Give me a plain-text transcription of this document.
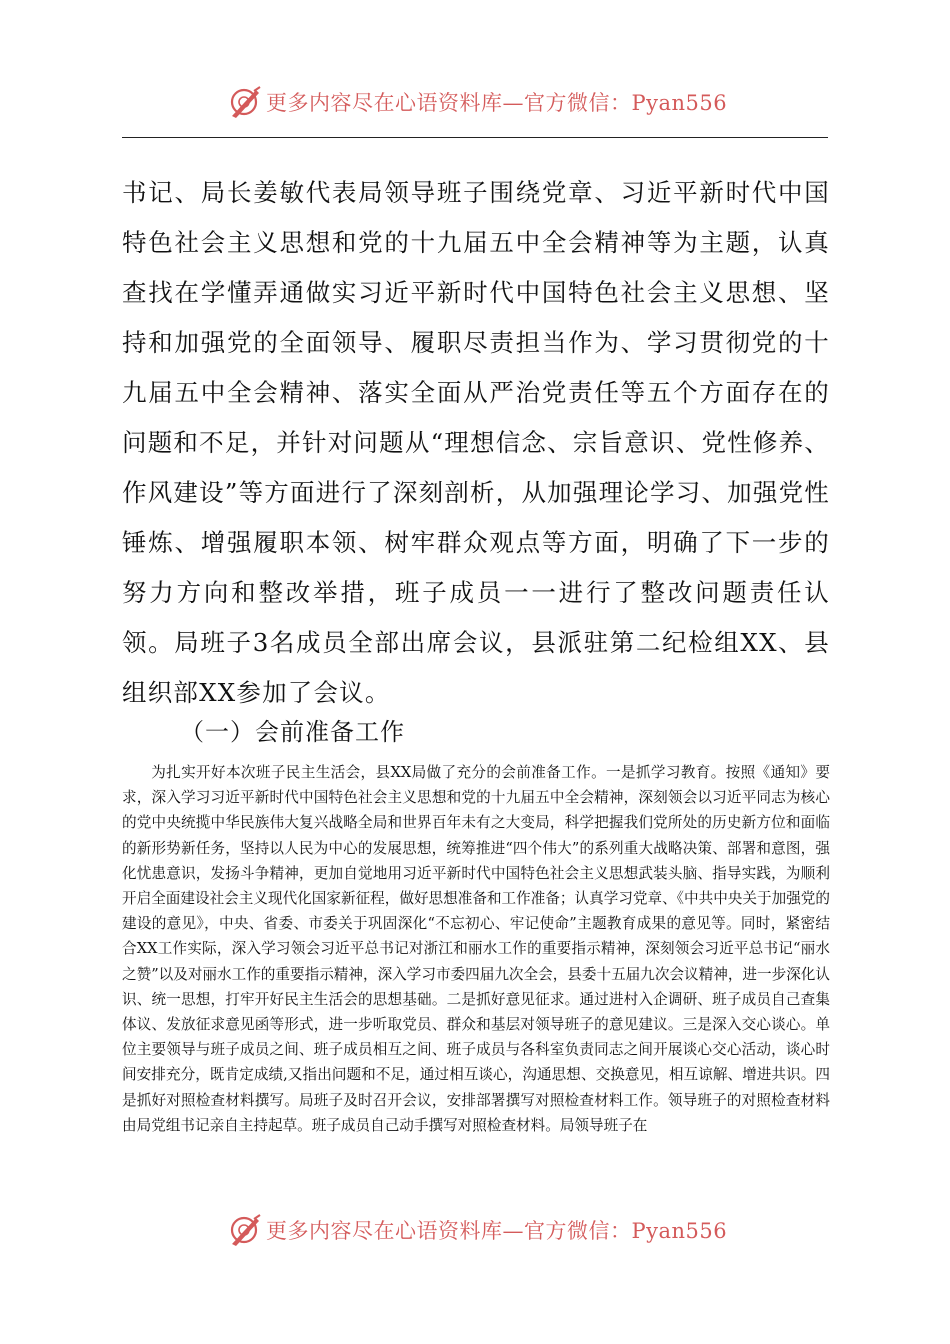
更多内容尽在心语资料库—官方微信：Pyan556

书记、局长姜敏代表局领导班子围绕党章、习近平新时代中国特色社会主义思想和党的十九届五中全会精神等为主题，认真查找在学懂弄通做实习近平新时代中国特色社会主义思想、坚持和加强党的全面领导、履职尽责担当作为、学习贯彻党的十九届五中全会精神、落实全面从严治党责任等五个方面存在的问题和不足，并针对问题从“理想信念、宗旨意识、党性修养、作风建设”等方面进行了深刻剖析，从加强理论学习、加强党性锤炼、增强履职本领、树牢群众观点等方面，明确了下一步的努力方向和整改举措，班子成员一一进行了整改问题责任认领。局班子3名成员全部出席会议，县派驻第二纪检组XX、县组织部XX参加了会议。

（一）会前准备工作

为扎实开好本次班子民主生活会，县XX局做了充分的会前准备工作。一是抓学习教育。按照《通知》要求，深入学习习近平新时代中国特色社会主义思想和党的十九届五中全会精神，深刻领会以习近平同志为核心的党中央统揽中华民族伟大复兴战略全局和世界百年未有之大变局，科学把握我们党所处的历史新方位和面临的新形势新任务，坚持以人民为中心的发展思想，统筹推进“四个伟大”的系列重大战略决策、部署和意图，强化忧患意识，发扬斗争精神，更加自觉地用习近平新时代中国特色社会主义思想武装头脑、指导实践，为顺利开启全面建设社会主义现代化国家新征程，做好思想准备和工作准备；认真学习党章、《中共中央关于加强党的建设的意见》，中央、省委、市委关于巩固深化“不忘初心、牢记使命”主题教育成果的意见等。同时，紧密结合XX工作实际，深入学习领会习近平总书记对浙江和丽水工作的重要指示精神，深刻领会习近平总书记“丽水之赞”以及对丽水工作的重要指示精神，深入学习市委四届九次全会，县委十五届九次会议精神，进一步深化认识、统一思想，打牢开好民主生活会的思想基础。二是抓好意见征求。通过进村入企调研、班子成员自己查集体议、发放征求意见函等形式，进一步听取党员、群众和基层对领导班子的意见建议。三是深入交心谈心。单位主要领导与班子成员之间、班子成员相互之间、班子成员与各科室负责同志之间开展谈心交心活动，谈心时间安排充分，既肯定成绩,又指出问题和不足，通过相互谈心，沟通思想、交换意见，相互谅解、增进共识。四是抓好对照检查材料撰写。局班子及时召开会议，安排部署撰写对照检查材料工作。领导班子的对照检查材料由局党组书记亲自主持起草。班子成员自己动手撰写对照检查材料。局领导班子在

更多内容尽在心语资料库—官方微信：Pyan556
